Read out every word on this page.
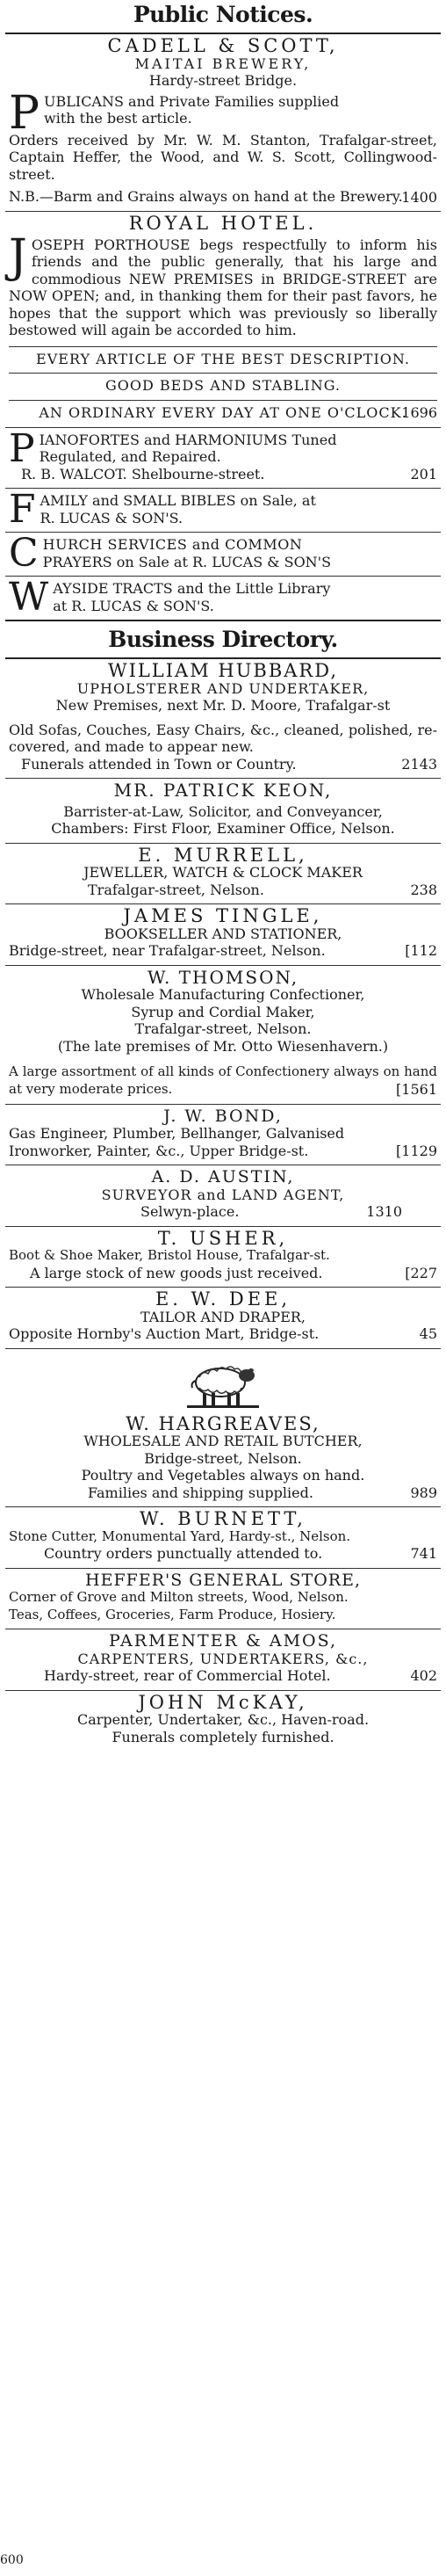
Public Notices.
CADELL & SCOTT,
MAITAI BREWERY,
Hardy-street Bridge.
P UBLICANS and Private Families supplied
with the best article.
Orders received by Mr. W. M. Stanton, Trafalgar-street, Captain Heffer, the Wood, and W. S. Scott, Collingwood-street.
N.B.—Barm and Grains always on hand at the Brewery.
1400
ROYAL HOTEL.
J OSEPH PORTHOUSE begs respectfully to inform his friends and the public generally, that his large and commodious NEW PREMISES in BRIDGE-STREET are NOW OPEN; and, in thanking them for their past favors, he hopes that the support which was previously so liberally bestowed will again be accorded to him.
EVERY ARTICLE OF THE BEST DESCRIPTION.
GOOD BEDS AND STABLING.
AN ORDINARY EVERY DAY AT ONE O'CLOCK.
1696
P IANOFORTES and HARMONIUMS Tuned
Regulated, and Repaired.
R. B. WALCOT. Shelbourne-street.	201
F AMILY and SMALL BIBLES on Sale, at
R. LUCAS & SON'S.
C HURCH SERVICES and COMMON
PRAYERS on Sale at R. LUCAS & SON'S
W AYSIDE TRACTS and the Little Library
at R. LUCAS & SON'S.
Business Directory.
WILLIAM HUBBARD,
UPHOLSTERER AND UNDERTAKER,
New Premises, next Mr. D. Moore, Trafalgar-st
Old Sofas, Couches, Easy Chairs, &c., cleaned, polished, re-covered, and made to appear new.
Funerals attended in Town or Country.	2143
MR. PATRICK KEON,
Barrister-at-Law, Solicitor, and Conveyancer,
Chambers: First Floor, Examiner Office, Nelson.
E. MURRELL,
JEWELLER, WATCH & CLOCK MAKER
Trafalgar-street, Nelson.	238
JAMES TINGLE,
BOOKSELLER AND STATIONER,
Bridge-street, near Trafalgar-street, Nelson.	[112
W. THOMSON,
Wholesale Manufacturing Confectioner,
Syrup and Cordial Maker,
Trafalgar-street, Nelson.
(The late premises of Mr. Otto Wiesenhavern.)
A large assortment of all kinds of Confectionery always on hand at very moderate prices.	[1561
J. W. BOND,
Gas Engineer, Plumber, Bellhanger, Galvanised
Ironworker, Painter, &c., Upper Bridge-st.	[1129
A. D. AUSTIN,
SURVEYOR and LAND AGENT,
Selwyn-place.	1310
T. USHER,
Boot & Shoe Maker, Bristol House, Trafalgar-st.
A large stock of new goods just received.	[227
E. W. DEE,
TAILOR AND DRAPER,
Opposite Hornby's Auction Mart, Bridge-st.	45
W. HARGREAVES,
WHOLESALE AND RETAIL BUTCHER,
Bridge-street, Nelson.
Poultry and Vegetables always on hand.
Families and shipping supplied.	989
W. BURNETT,
Stone Cutter, Monumental Yard, Hardy-st., Nelson.
Country orders punctually attended to.	741
HEFFER'S GENERAL STORE,
Corner of Grove and Milton streets, Wood, Nelson.
Teas, Coffees, Groceries, Farm Produce, Hosiery.
PARMENTER & AMOS,
CARPENTERS, UNDERTAKERS, &c.,
Hardy-street, rear of Commercial Hotel.	402
JOHN McKAY,
Carpenter, Undertaker, &c., Haven-road.
Funerals completely furnished.
600
